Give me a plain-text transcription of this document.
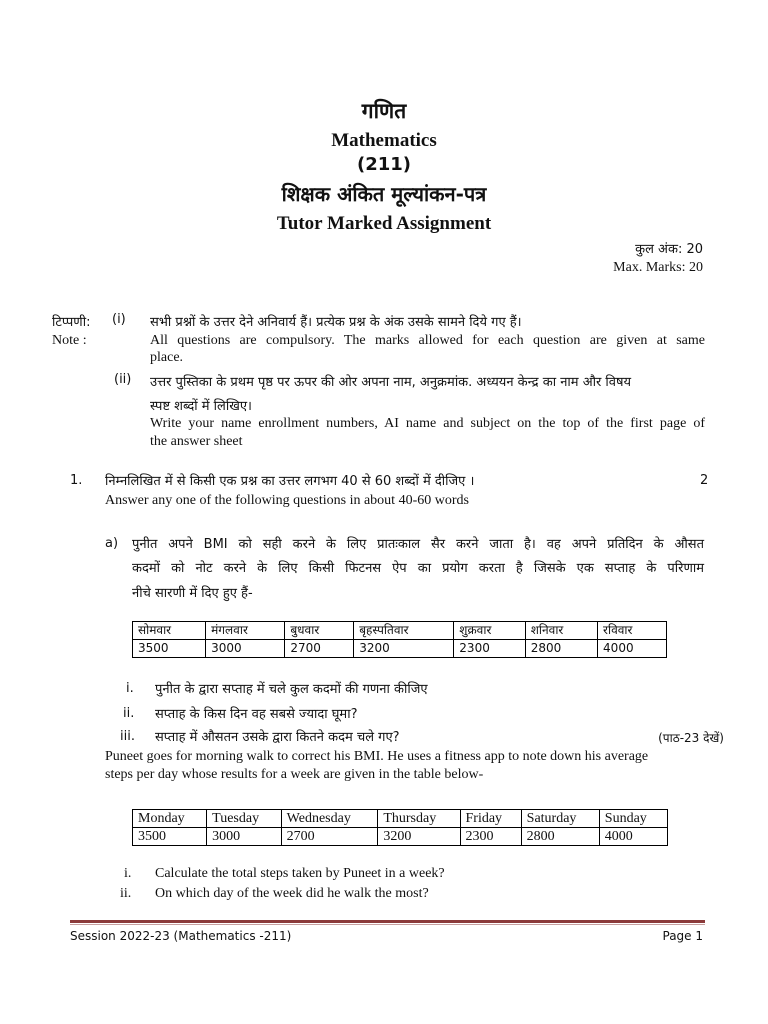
गणित
Mathematics
(211)
शिक्षक अंकित मूल्यांकन-पत्र
Tutor Marked Assignment
कुल अंक: 20
Max. Marks: 20
टिप्पणी: (i) सभी प्रश्नों के उत्तर देने अनिवार्य हैं। प्रत्येक प्रश्न के अंक उसके सामने दिये गए हैं।
Note :	All questions are compulsory. The marks allowed for each question are given at same
place.
(ii) उत्तर पुस्तिका के प्रथम पृष्ठ पर ऊपर की ओर अपना नाम, अनुक्रमांक. अध्ययन केन्द्र का नाम और विषय
स्पष्ट शब्दों में लिखिए।
Write your name enrollment numbers, AI name and subject on the top of the first page of
the answer sheet
1. निम्नलिखित में से किसी एक प्रश्न का उत्तर लगभग 40 से 60 शब्दों में दीजिए ।	2
Answer any one of the following questions in about 40-60 words
a) पुनीत अपने BMI को सही करने के लिए प्रातःकाल सैर करने जाता है। वह अपने प्रतिदिन के औसत
कदमों को नोट करने के लिए किसी फिटनस ऐप का प्रयोग करता है जिसके एक सप्ताह के परिणाम
नीचे सारणी में दिए हुए हैं-
सोमवार	मंगलवार	बुधवार	बृहस्पतिवार	शुक्रवार	शनिवार	रविवार
3500	3000	2700	3200	2300	2800	4000
i. पुनीत के द्वारा सप्ताह में चले कुल कदमों की गणना कीजिए
ii. सप्ताह के किस दिन वह सबसे ज्यादा घूमा?
iii. सप्ताह में औसतन उसके द्वारा कितने कदम चले गए?	(पाठ-23 देखें)
Puneet goes for morning walk to correct his BMI. He uses a fitness app to note down his average
steps per day whose results for a week are given in the table below-
Monday	Tuesday	Wednesday	Thursday	Friday	Saturday	Sunday
3500	3000	2700	3200	2300	2800	4000
i. Calculate the total steps taken by Puneet in a week?
ii. On which day of the week did he walk the most?
Session 2022-23 (Mathematics -211)	Page 1
